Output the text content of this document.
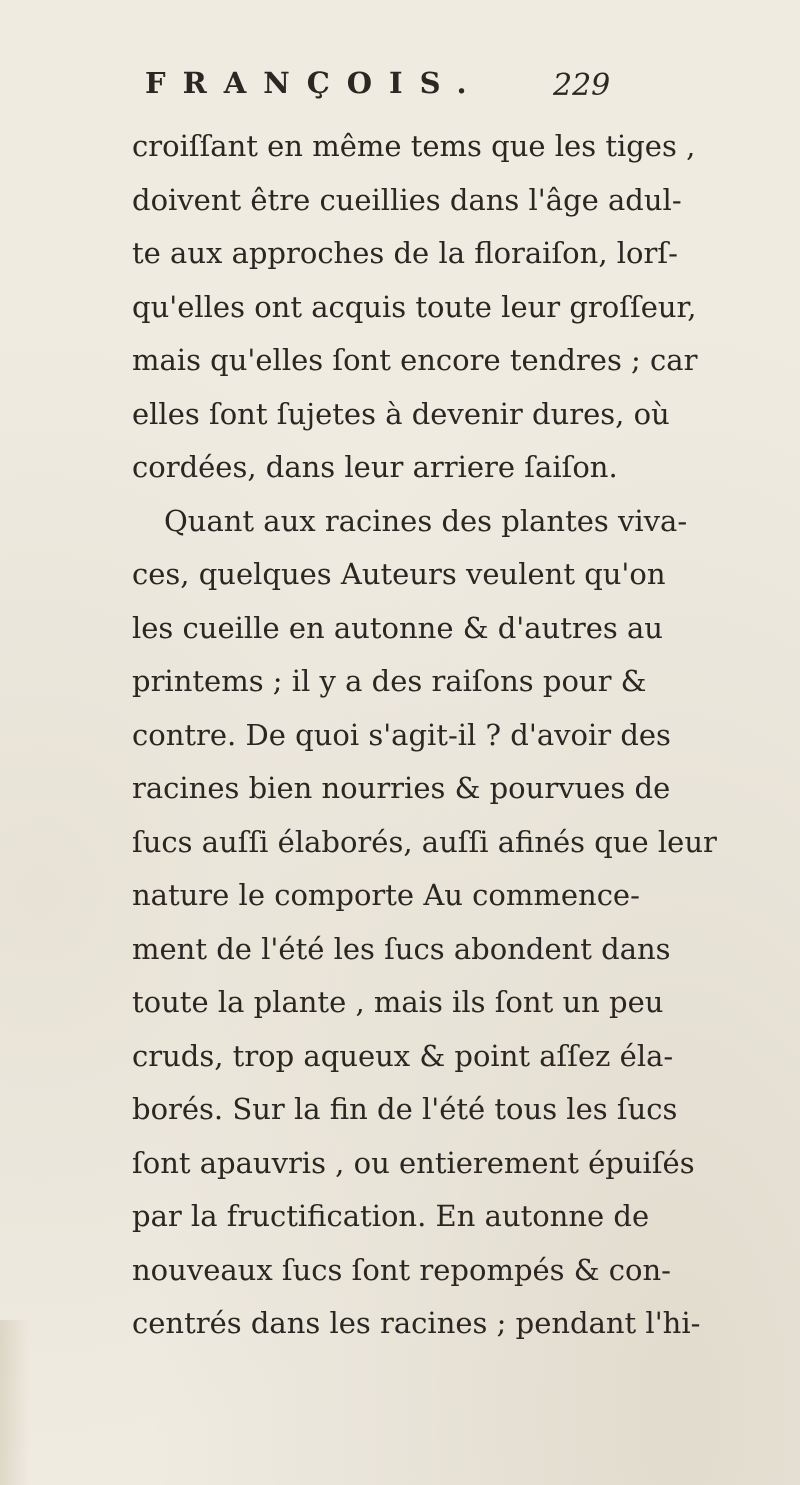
FRANÇOIS.	229
croiſſant en même tems que les tiges ,
doivent être cueillies dans l'âge adul-
te aux approches de la floraiſon, lorſ-
qu'elles ont acquis toute leur groſſeur,
mais qu'elles ſont encore tendres ; car
elles ſont ſujetes à devenir dures, où
cordées, dans leur arriere ſaiſon.
Quant aux racines des plantes viva-
ces, quelques Auteurs veulent qu'on
les cueille en autonne & d'autres au
printems ; il y a des raiſons pour &
contre. De quoi s'agit-il ? d'avoir des
racines bien nourries & pourvues de
ſucs auſſi élaborés, auſſi afinés que leur
nature le comporte Au commence-
ment de l'été les ſucs abondent dans
toute la plante , mais ils ſont un peu
cruds, trop aqueux & point aſſez éla-
borés. Sur la fin de l'été tous les ſucs
ſont apauvris , ou entierement épuiſés
par la fructification. En autonne de
nouveaux ſucs ſont repompés & con-
centrés dans les racines ; pendant l'hi-
